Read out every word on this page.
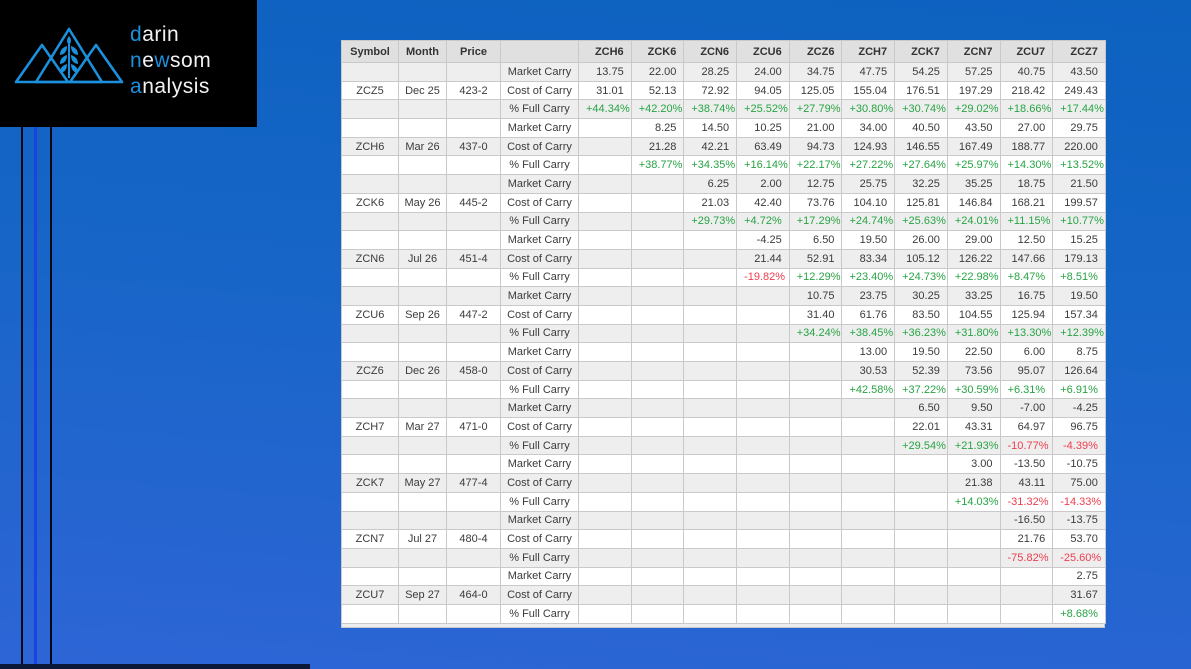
darin
newsom
analysis
Symbol	Month	Price		ZCH6	ZCK6	ZCN6	ZCU6	ZCZ6	ZCH7	ZCK7	ZCN7	ZCU7	ZCZ7
			Market Carry	13.75	22.00	28.25	24.00	34.75	47.75	54.25	57.25	40.75	43.50
ZCZ5	Dec 25	423-2	Cost of Carry	31.01	52.13	72.92	94.05	125.05	155.04	176.51	197.29	218.42	249.43
			% Full Carry	+44.34%	+42.20%	+38.74%	+25.52%	+27.79%	+30.80%	+30.74%	+29.02%	+18.66%	+17.44%
			Market Carry		8.25	14.50	10.25	21.00	34.00	40.50	43.50	27.00	29.75
ZCH6	Mar 26	437-0	Cost of Carry		21.28	42.21	63.49	94.73	124.93	146.55	167.49	188.77	220.00
			% Full Carry		+38.77%	+34.35%	+16.14%	+22.17%	+27.22%	+27.64%	+25.97%	+14.30%	+13.52%
			Market Carry			6.25	2.00	12.75	25.75	32.25	35.25	18.75	21.50
ZCK6	May 26	445-2	Cost of Carry			21.03	42.40	73.76	104.10	125.81	146.84	168.21	199.57
			% Full Carry			+29.73%	+4.72%	+17.29%	+24.74%	+25.63%	+24.01%	+11.15%	+10.77%
			Market Carry				-4.25	6.50	19.50	26.00	29.00	12.50	15.25
ZCN6	Jul 26	451-4	Cost of Carry				21.44	52.91	83.34	105.12	126.22	147.66	179.13
			% Full Carry				-19.82%	+12.29%	+23.40%	+24.73%	+22.98%	+8.47%	+8.51%
			Market Carry					10.75	23.75	30.25	33.25	16.75	19.50
ZCU6	Sep 26	447-2	Cost of Carry					31.40	61.76	83.50	104.55	125.94	157.34
			% Full Carry					+34.24%	+38.45%	+36.23%	+31.80%	+13.30%	+12.39%
			Market Carry						13.00	19.50	22.50	6.00	8.75
ZCZ6	Dec 26	458-0	Cost of Carry						30.53	52.39	73.56	95.07	126.64
			% Full Carry						+42.58%	+37.22%	+30.59%	+6.31%	+6.91%
			Market Carry							6.50	9.50	-7.00	-4.25
ZCH7	Mar 27	471-0	Cost of Carry							22.01	43.31	64.97	96.75
			% Full Carry							+29.54%	+21.93%	-10.77%	-4.39%
			Market Carry								3.00	-13.50	-10.75
ZCK7	May 27	477-4	Cost of Carry								21.38	43.11	75.00
			% Full Carry								+14.03%	-31.32%	-14.33%
			Market Carry									-16.50	-13.75
ZCN7	Jul 27	480-4	Cost of Carry									21.76	53.70
			% Full Carry									-75.82%	-25.60%
			Market Carry										2.75
ZCU7	Sep 27	464-0	Cost of Carry										31.67
			% Full Carry										+8.68%
